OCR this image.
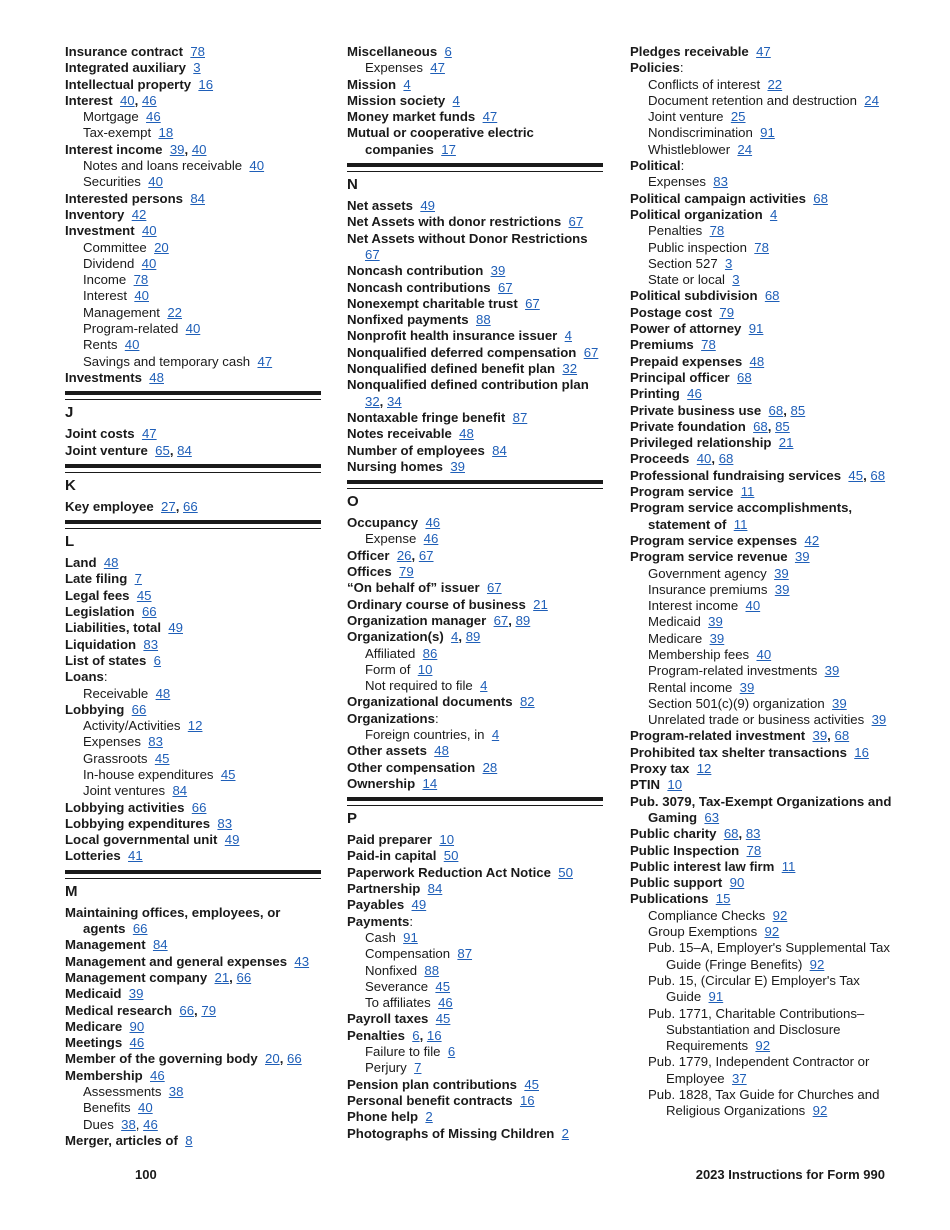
Insurance contract 78
Integrated auxiliary 3
Intellectual property 16
Interest 40, 46
Mortgage 46
Tax-exempt 18
Interest income 39, 40
Notes and loans receivable 40
Securities 40
Interested persons 84
Inventory 42
Investment 40
Committee 20
Dividend 40
Income 78
Interest 40
Management 22
Program-related 40
Rents 40
Savings and temporary cash 47
Investments 48
J
Joint costs 47
Joint venture 65, 84
K
Key employee 27, 66
L
Land 48
Late filing 7
Legal fees 45
Legislation 66
Liabilities, total 49
Liquidation 83
List of states 6
Loans:
Receivable 48
Lobbying 66
Activity/Activities 12
Expenses 83
Grassroots 45
In-house expenditures 45
Joint ventures 84
Lobbying activities 66
Lobbying expenditures 83
Local governmental unit 49
Lotteries 41
M
Maintaining offices, employees, or agents 66
Management 84
Management and general expenses 43
Management company 21, 66
Medicaid 39
Medical research 66, 79
Medicare 90
Meetings 46
Member of the governing body 20, 66
Membership 46
Assessments 38
Benefits 40
Dues 38, 46
Merger, articles of 8
Miscellaneous 6
Expenses 47
Mission 4
Mission society 4
Money market funds 47
Mutual or cooperative electric companies 17
N
Net assets 49
Net Assets with donor restrictions 67
Net Assets without Donor Restrictions  67
Noncash contribution 39
Noncash contributions 67
Nonexempt charitable trust 67
Nonfixed payments 88
Nonprofit health insurance issuer 4
Nonqualified deferred compensation 67
Nonqualified defined benefit plan 32
Nonqualified defined contribution plan  32, 34
Nontaxable fringe benefit 87
Notes receivable 48
Number of employees 84
Nursing homes 39
O
Occupancy 46
Expense 46
Officer 26, 67
Offices 79
“On behalf of” issuer 67
Ordinary course of business 21
Organization manager 67, 89
Organization(s) 4, 89
Affiliated 86
Form of 10
Not required to file 4
Organizational documents 82
Organizations:
Foreign countries, in 4
Other assets 48
Other compensation 28
Ownership 14
P
Paid preparer 10
Paid-in capital 50
Paperwork Reduction Act Notice 50
Partnership 84
Payables 49
Payments:
Cash 91
Compensation 87
Nonfixed 88
Severance 45
To affiliates 46
Payroll taxes 45
Penalties 6, 16
Failure to file 6
Perjury 7
Pension plan contributions 45
Personal benefit contracts 16
Phone help 2
Photographs of Missing Children 2
Pledges receivable 47
Policies:
Conflicts of interest 22
Document retention and destruction 24
Joint venture 25
Nondiscrimination 91
Whistleblower 24
Political:
Expenses 83
Political campaign activities 68
Political organization 4
Penalties 78
Public inspection 78
Section 527 3
State or local 3
Political subdivision 68
Postage cost 79
Power of attorney 91
Premiums 78
Prepaid expenses 48
Principal officer 68
Printing 46
Private business use 68, 85
Private foundation 68, 85
Privileged relationship 21
Proceeds 40, 68
Professional fundraising services 45, 68
Program service 11
Program service accomplishments, statement of 11
Program service expenses 42
Program service revenue 39
Government agency 39
Insurance premiums 39
Interest income 40
Medicaid 39
Medicare 39
Membership fees 40
Program-related investments 39
Rental income 39
Section 501(c)(9) organization 39
Unrelated trade or business activities 39
Program-related investment 39, 68
Prohibited tax shelter transactions 16
Proxy tax 12
PTIN 10
Pub. 3079, Tax-Exempt Organizations and Gaming 63
Public charity 68, 83
Public Inspection 78
Public interest law firm 11
Public support 90
Publications 15
Compliance Checks 92
Group Exemptions 92
Pub. 15–A, Employer's Supplemental Tax Guide (Fringe Benefits) 92
Pub. 15, (Circular E) Employer's Tax Guide 91
Pub. 1771, Charitable Contributions–Substantiation and Disclosure Requirements 92
Pub. 1779, Independent Contractor or Employee 37
Pub. 1828, Tax Guide for Churches and Religious Organizations 92
100	2023 Instructions for Form 990
